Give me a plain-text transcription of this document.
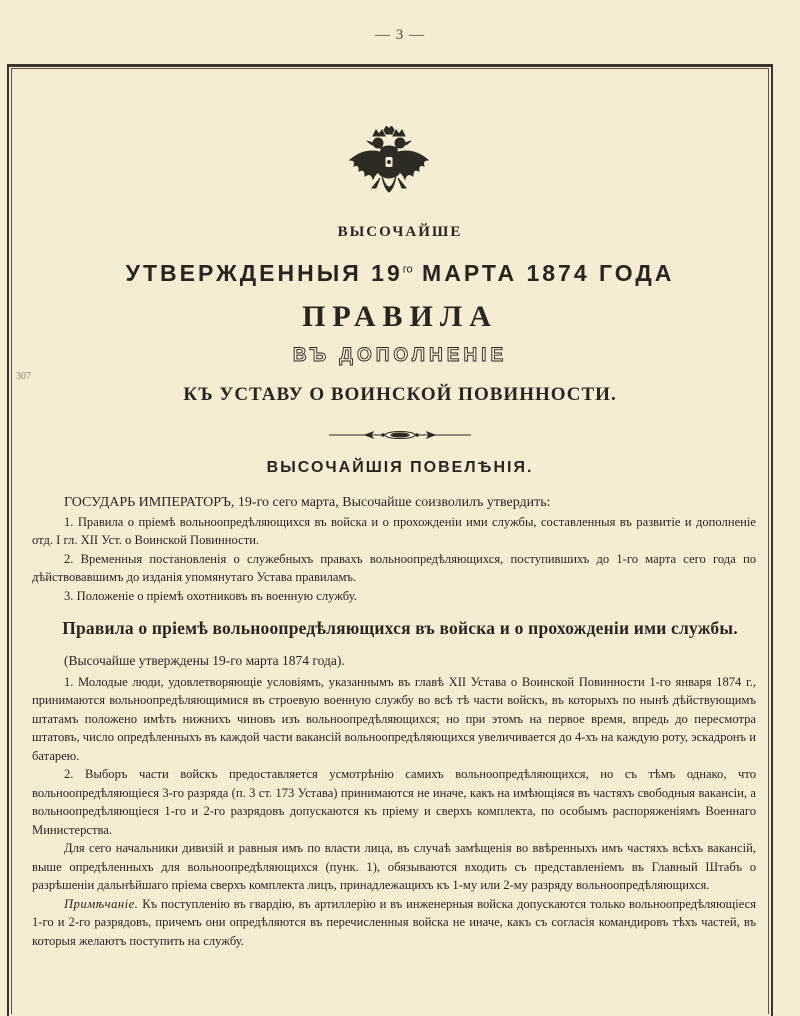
— 3 —
307
ВЫСОЧАЙШЕ
УТВЕРЖДЕННЫЯ $19^{го}$ МАРТА 1874 ГОДА
ПРАВИЛА
ВЪ ДОПОЛНЕНІЕ
КЪ УСТАВУ О ВОИНСКОЙ ПОВИННОСТИ.
ВЫСОЧАЙШІЯ ПОВЕЛѢНІЯ.

ГОСУДАРЬ ИМПЕРАТОРЪ, 19-го сего марта, Высочайше соизволилъ утвердить:

1. Правила о пріемѣ вольноопредѣляющихся въ войска и о прохожденіи ими службы, составленныя въ развитіе и дополненіе отд. I гл. XII Уст. о Воинской Повинности.

2. Временныя постановленія о служебныхъ правахъ вольноопредѣляющихся, поступившихъ до 1-го марта сего года по дѣйствовавшимъ до изданія упомянутаго Устава правиламъ.

3. Положеніе о пріемѣ охотниковъ въ военную службу.

Правила о пріемѣ вольноопредѣляющихся въ войска и о прохожденіи ими службы.

(Высочайше утверждены 19-го марта 1874 года).

1. Молодые люди, удовлетворяющіе условіямъ, указаннымъ въ главѣ XII Устава о Воинской Повинности 1-го января 1874 г., принимаются вольноопредѣляющимися въ строевую военную службу во всѣ тѣ части войскъ, въ которыхъ по нынѣ дѣйствующимъ штатамъ положено имѣть нижнихъ чиновъ изъ вольноопредѣляющихся; но при этомъ на первое время, впредь до пересмотра штатовъ, число опредѣленныхъ въ каждой части вакансій вольноопредѣляющихся увеличивается до 4-хъ на каждую роту, эскадронъ и батарею.

2. Выборъ части войскъ предоставляется усмотрѣнію самихъ вольноопредѣляющихся, но съ тѣмъ однако, что вольноопредѣляющіеся 3-го разряда (п. 3 ст. 173 Устава) принимаются не иначе, какъ на имѣющіяся въ частяхъ свободныя вакансіи, а вольноопредѣляющіеся 1-го и 2-го разрядовъ допускаются къ пріему и сверхъ комплекта, по особымъ распоряженіямъ Военнаго Министерства.

Для сего начальники дивизій и равныя имъ по власти лица, въ случаѣ замѣщенія во ввѣренныхъ имъ частяхъ всѣхъ вакансій, выше опредѣленныхъ для вольноопредѣляющихся (пунк. 1), обязываются входить съ представленіемъ въ Главный Штабъ о разрѣшеніи дальнѣйшаго пріема сверхъ комплекта лицъ, принадлежащихъ къ 1-му или 2-му разряду вольноопредѣляющихся.

Примѣчаніе. Къ поступленію въ гвардію, въ артиллерію и въ инженерныя войска допускаются только вольноопредѣляющіеся 1-го и 2-го разрядовъ, причемъ они опредѣляются въ перечисленныя войска не иначе, какъ съ согласія командировъ тѣхъ частей, въ которыя желаютъ поступить на службу.
